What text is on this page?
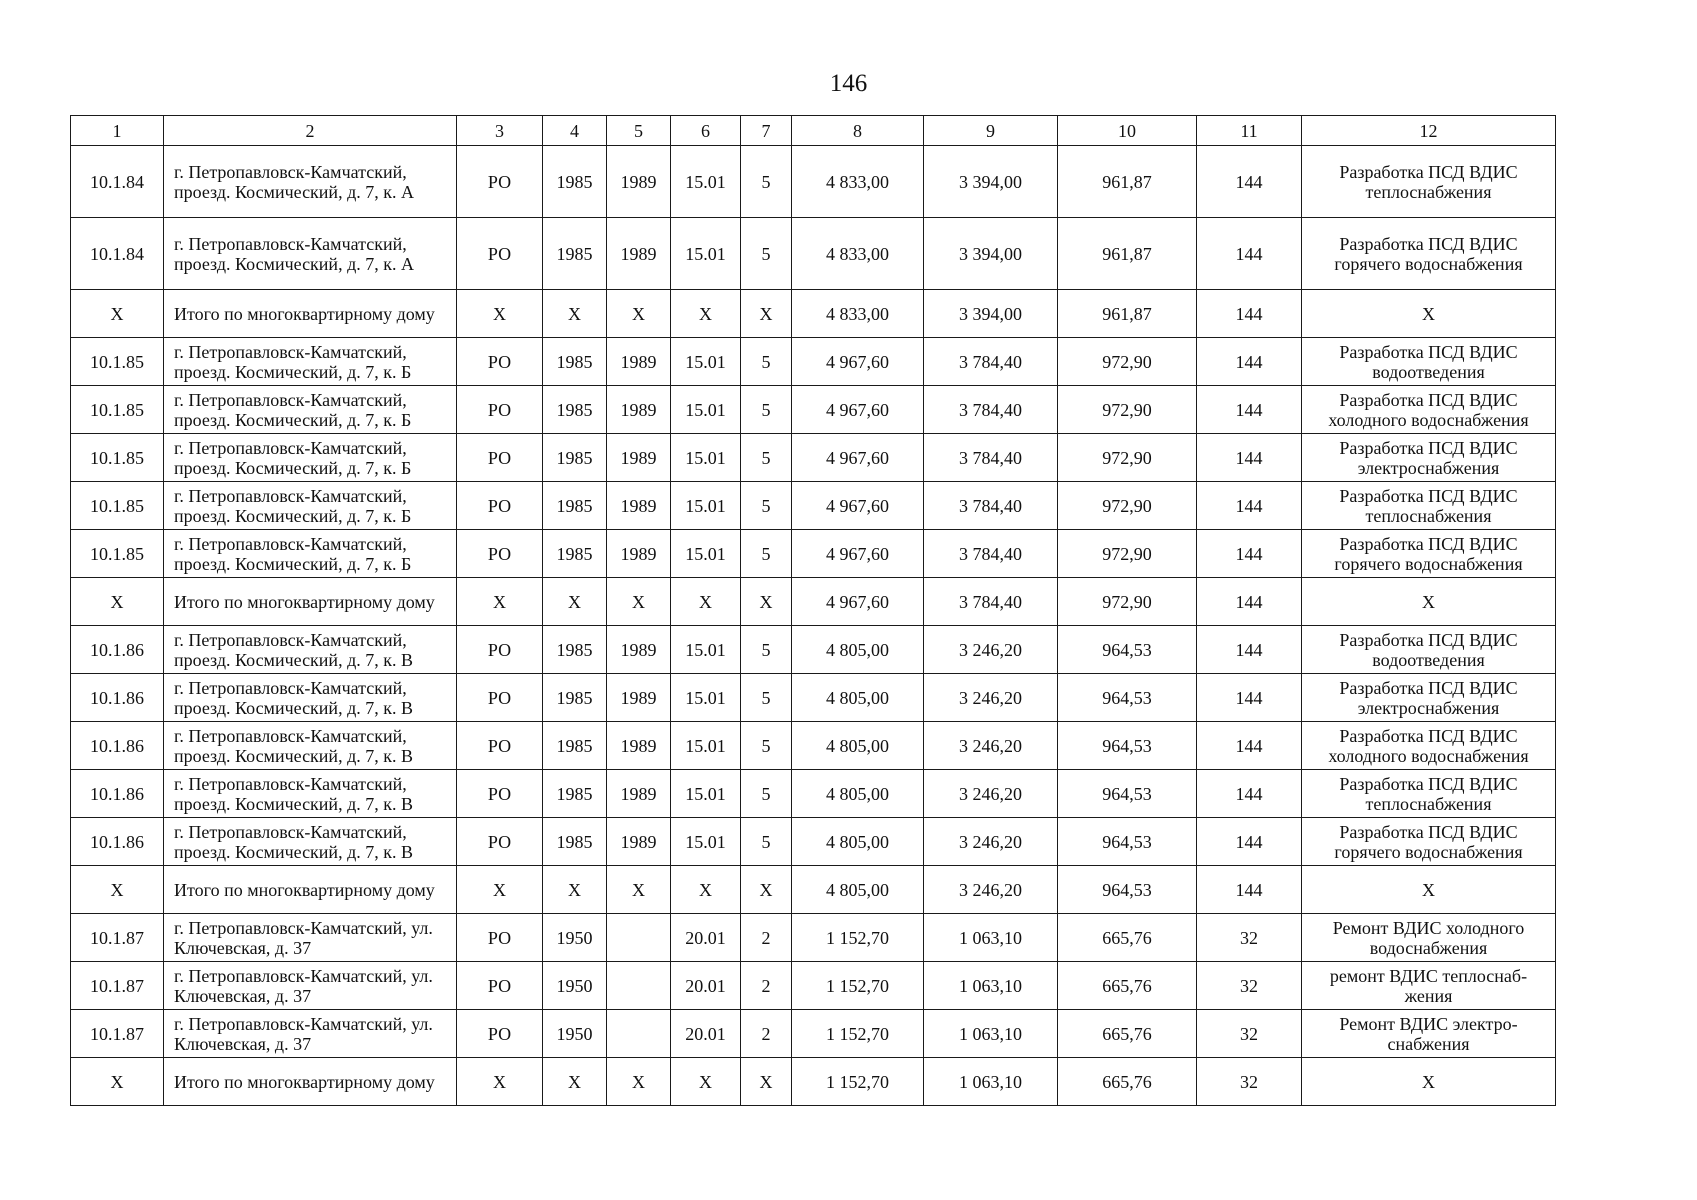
146
1	2	3	4	5	6	7	8	9	10	11	12
10.1.84	г. Петропавловск-Камчатский, проезд. Космический, д. 7, к. А	РО	1985	1989	15.01	5	4 833,00	3 394,00	961,87	144	Разработка ПСД ВДИС теплоснабжения
10.1.84	г. Петропавловск-Камчатский, проезд. Космический, д. 7, к. А	РО	1985	1989	15.01	5	4 833,00	3 394,00	961,87	144	Разработка ПСД ВДИС горячего водоснабжения
X	Итого по многоквартирному дому	X	X	X	X	X	4 833,00	3 394,00	961,87	144	X
10.1.85	г. Петропавловск-Камчатский, проезд. Космический, д. 7, к. Б	РО	1985	1989	15.01	5	4 967,60	3 784,40	972,90	144	Разработка ПСД ВДИС водоотведения
10.1.85	г. Петропавловск-Камчатский, проезд. Космический, д. 7, к. Б	РО	1985	1989	15.01	5	4 967,60	3 784,40	972,90	144	Разработка ПСД ВДИС холодного водоснабжения
10.1.85	г. Петропавловск-Камчатский, проезд. Космический, д. 7, к. Б	РО	1985	1989	15.01	5	4 967,60	3 784,40	972,90	144	Разработка ПСД ВДИС электроснабжения
10.1.85	г. Петропавловск-Камчатский, проезд. Космический, д. 7, к. Б	РО	1985	1989	15.01	5	4 967,60	3 784,40	972,90	144	Разработка ПСД ВДИС теплоснабжения
10.1.85	г. Петропавловск-Камчатский, проезд. Космический, д. 7, к. Б	РО	1985	1989	15.01	5	4 967,60	3 784,40	972,90	144	Разработка ПСД ВДИС горячего водоснабжения
X	Итого по многоквартирному дому	X	X	X	X	X	4 967,60	3 784,40	972,90	144	X
10.1.86	г. Петропавловск-Камчатский, проезд. Космический, д. 7, к. В	РО	1985	1989	15.01	5	4 805,00	3 246,20	964,53	144	Разработка ПСД ВДИС водоотведения
10.1.86	г. Петропавловск-Камчатский, проезд. Космический, д. 7, к. В	РО	1985	1989	15.01	5	4 805,00	3 246,20	964,53	144	Разработка ПСД ВДИС электроснабжения
10.1.86	г. Петропавловск-Камчатский, проезд. Космический, д. 7, к. В	РО	1985	1989	15.01	5	4 805,00	3 246,20	964,53	144	Разработка ПСД ВДИС холодного водоснабжения
10.1.86	г. Петропавловск-Камчатский, проезд. Космический, д. 7, к. В	РО	1985	1989	15.01	5	4 805,00	3 246,20	964,53	144	Разработка ПСД ВДИС теплоснабжения
10.1.86	г. Петропавловск-Камчатский, проезд. Космический, д. 7, к. В	РО	1985	1989	15.01	5	4 805,00	3 246,20	964,53	144	Разработка ПСД ВДИС горячего водоснабжения
X	Итого по многоквартирному дому	X	X	X	X	X	4 805,00	3 246,20	964,53	144	X
10.1.87	г. Петропавловск-Камчатский, ул. Ключевская, д. 37	РО	1950		20.01	2	1 152,70	1 063,10	665,76	32	Ремонт ВДИС холодного водоснабжения
10.1.87	г. Петропавловск-Камчатский, ул. Ключевская, д. 37	РО	1950		20.01	2	1 152,70	1 063,10	665,76	32	ремонт ВДИС теплоснаб-жения
10.1.87	г. Петропавловск-Камчатский, ул. Ключевская, д. 37	РО	1950		20.01	2	1 152,70	1 063,10	665,76	32	Ремонт ВДИС электро-снабжения
X	Итого по многоквартирному дому	X	X	X	X	X	1 152,70	1 063,10	665,76	32	X
